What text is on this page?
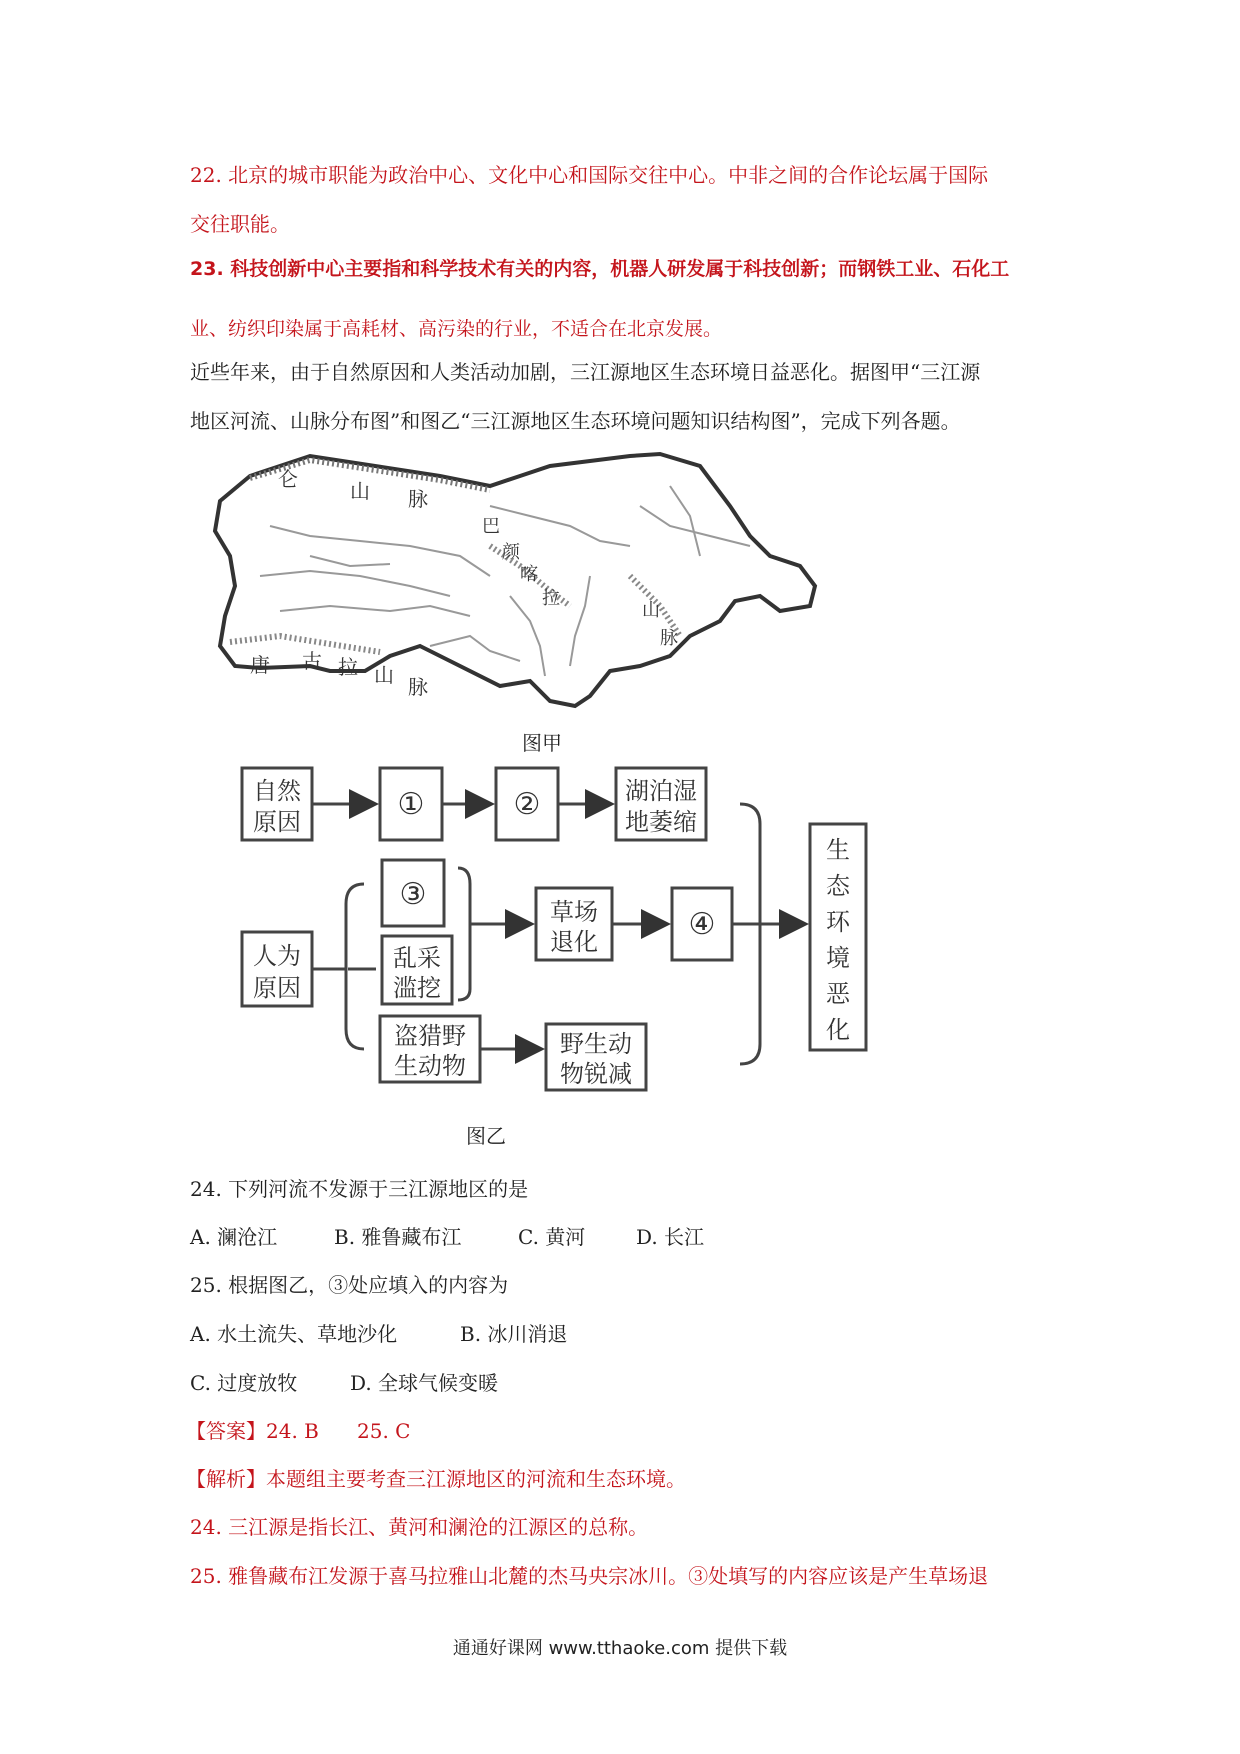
22. 北京的城市职能为政治中心、文化中心和国际交往中心。中非之间的合作论坛属于国际
交往职能。
23. 科技创新中心主要指和科学技术有关的内容，机器人研发属于科技创新；而钢铁工业、石化工
业、纺织印染属于高耗材、高污染的行业，不适合在北京发展。
近些年来，由于自然原因和人类活动加剧，三江源地区生态环境日益恶化。据图甲“三江源
地区河流、山脉分布图”和图乙“三江源地区生态环境问题知识结构图”，完成下列各题。
仑	山 脉
巴
颜
喀
拉
山
脉
唐 古 拉 山 脉
图甲
自然
原因	①	②	湖泊湿
地萎缩
③
乱采
滥挖
盗猎野
生动物
人为
原因
草场
退化	④
野生动
物锐减
生
态
环
境
恶
化
图乙
24. 下列河流不发源于三江源地区的是
A. 澜沧江	B. 雅鲁藏布江	C. 黄河	D. 长江
25. 根据图乙，③处应填入的内容为
A. 水土流失、草地沙化	B. 冰川消退
C. 过度放牧	D. 全球气候变暖
【答案】24. B      25. C
【解析】本题组主要考查三江源地区的河流和生态环境。
24. 三江源是指长江、黄河和澜沧的江源区的总称。
25. 雅鲁藏布江发源于喜马拉雅山北麓的杰马央宗冰川。③处填写的内容应该是产生草场退
通通好课网 www.tthaoke.com 提供下载
